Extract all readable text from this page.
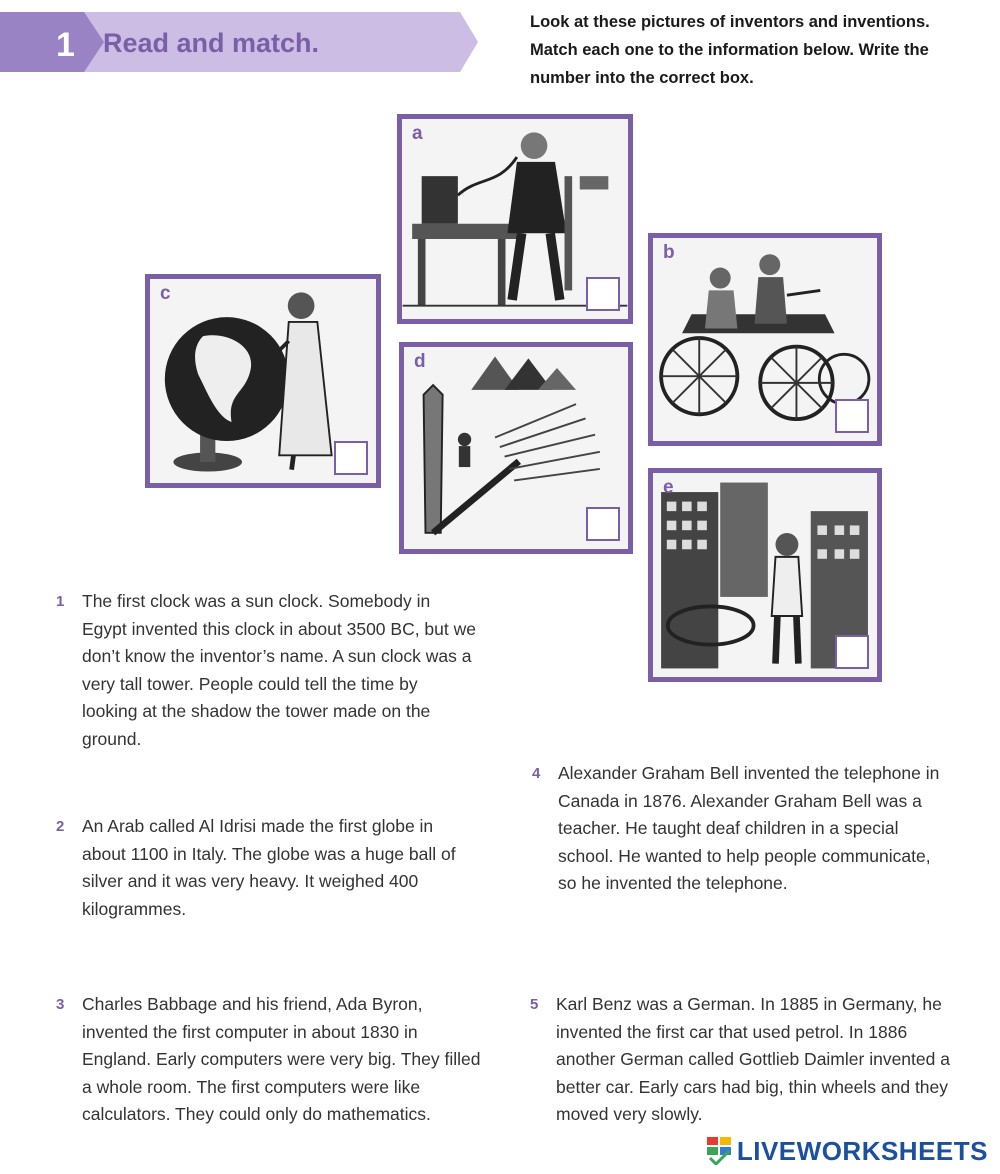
1 Read and match.

Look at these pictures of inventors and inventions. Match each one to the information below. Write the number into the correct box.

a
b
c
d
e
1	The first clock was a sun clock. Somebody in Egypt invented this clock in about 3500 BC, but we don’t know the inventor’s name. A sun clock was a very tall tower. People could tell the time by looking at the shadow the tower made on the ground.
2	An Arab called Al Idrisi made the first globe in about 1100 in Italy. The globe was a huge ball of silver and it was very heavy. It weighed 400 kilogrammes.
3	Charles Babbage and his friend, Ada Byron, invented the first computer in about 1830 in England. Early computers were very big. They filled a whole room. The first computers were like calculators. They could only do mathematics.
4	Alexander Graham Bell invented the telephone in Canada in 1876. Alexander Graham Bell was a teacher. He taught deaf children in a special school. He wanted to help people communicate, so he invented the telephone.
5	Karl Benz was a German. In 1885 in Germany, he invented the first car that used petrol. In 1886 another German called Gottlieb Daimler invented a better car. Early cars had big, thin wheels and they moved very slowly.
LIVEWORKSHEETS
